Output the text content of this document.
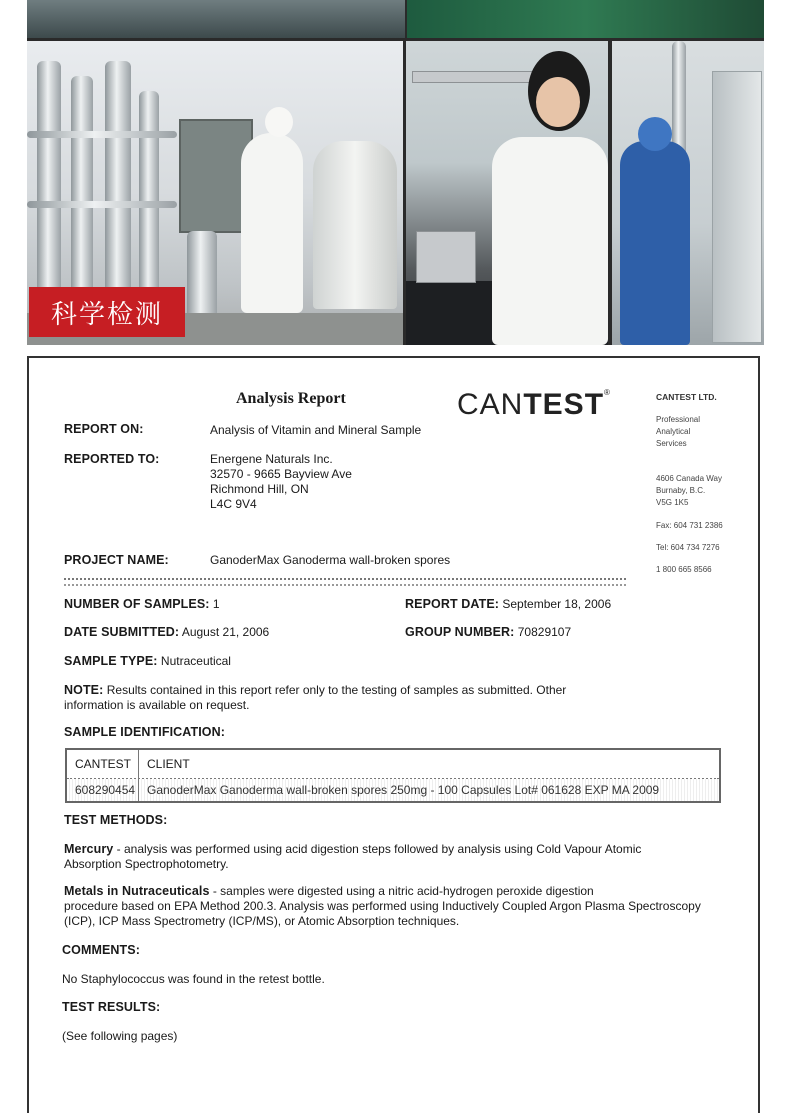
科学检测
Analysis Report	CANTEST®	CANTEST LTD.
Professional
Analytical
Services
4606 Canada Way
Burnaby, B.C.
V5G 1K5
Fax: 604 731 2386
Tel: 604 734 7276
1 800 665 8566
REPORT ON:	Analysis of Vitamin and Mineral Sample
REPORTED TO:	Energene Naturals Inc.
32570 - 9665 Bayview Ave
Richmond Hill, ON
L4C 9V4
PROJECT NAME:	GanoderMax Ganoderma wall-broken spores
NUMBER OF SAMPLES: 1	REPORT DATE: September 18, 2006
DATE SUBMITTED: August 21, 2006	GROUP NUMBER: 70829107
SAMPLE TYPE: Nutraceutical
NOTE: Results contained in this report refer only to the testing of samples as submitted. Other
information is available on request.
SAMPLE IDENTIFICATION:
CANTEST CLIENT
608290454 GanoderMax Ganoderma wall-broken spores 250mg - 100 Capsules Lot# 061628 EXP MA 2009
TEST METHODS:
Mercury - analysis was performed using acid digestion steps followed by analysis using Cold Vapour Atomic
Absorption Spectrophotometry.
Metals in Nutraceuticals - samples were digested using a nitric acid-hydrogen peroxide digestion
procedure based on EPA Method 200.3. Analysis was performed using Inductively Coupled Argon Plasma Spectroscopy
(ICP), ICP Mass Spectrometry (ICP/MS), or Atomic Absorption techniques.
COMMENTS:
No Staphylococcus was found in the retest bottle.
TEST RESULTS:
(See following pages)
